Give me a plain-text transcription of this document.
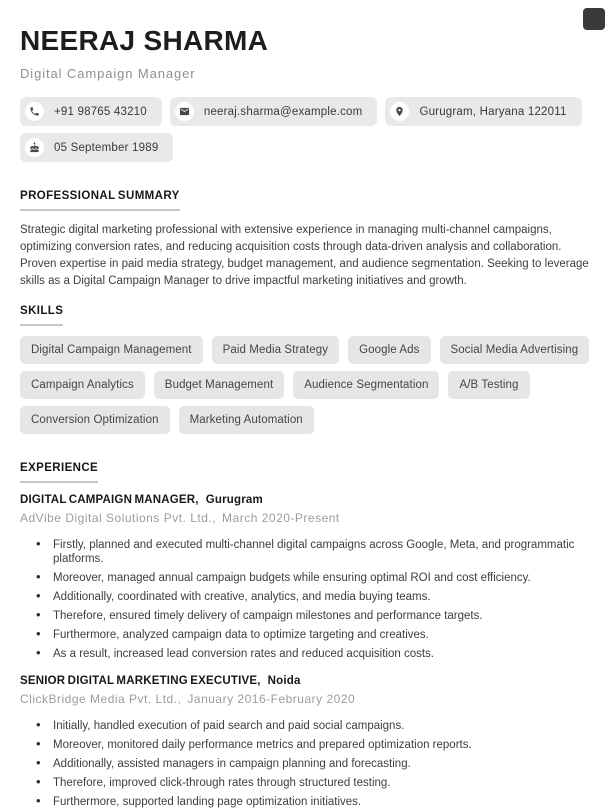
NEERAJ SHARMA
Digital Campaign Manager
+91 98765 43210	neeraj.sharma@example.com	Gurugram, Haryana 122011
05 September 1989
PROFESSIONAL SUMMARY

Strategic digital marketing professional with extensive experience in managing multi-channel campaigns, optimizing conversion rates, and reducing acquisition costs through data-driven analysis and collaboration. Proven expertise in paid media strategy, budget management, and audience segmentation. Seeking to leverage skills as a Digital Campaign Manager to drive impactful marketing initiatives and growth.

SKILLS
Digital Campaign Management	Paid Media Strategy	Google Ads	Social Media Advertising
Campaign Analytics	Budget Management	Audience Segmentation	A/B Testing
Conversion Optimization	Marketing Automation
EXPERIENCE
DIGITAL CAMPAIGN MANAGER, Gurugram
AdVibe Digital Solutions Pvt. Ltd., March 2020-Present
• Firstly, planned and executed multi-channel digital campaigns across Google, Meta, and programmatic platforms.
• Moreover, managed annual campaign budgets while ensuring optimal ROI and cost efficiency.
• Additionally, coordinated with creative, analytics, and media buying teams.
• Therefore, ensured timely delivery of campaign milestones and performance targets.
• Furthermore, analyzed campaign data to optimize targeting and creatives.
• As a result, increased lead conversion rates and reduced acquisition costs.
SENIOR DIGITAL MARKETING EXECUTIVE, Noida
ClickBridge Media Pvt. Ltd., January 2016-February 2020
• Initially, handled execution of paid search and paid social campaigns.
• Moreover, monitored daily performance metrics and prepared optimization reports.
• Additionally, assisted managers in campaign planning and forecasting.
• Therefore, improved click-through rates through structured testing.
• Furthermore, supported landing page optimization initiatives.
